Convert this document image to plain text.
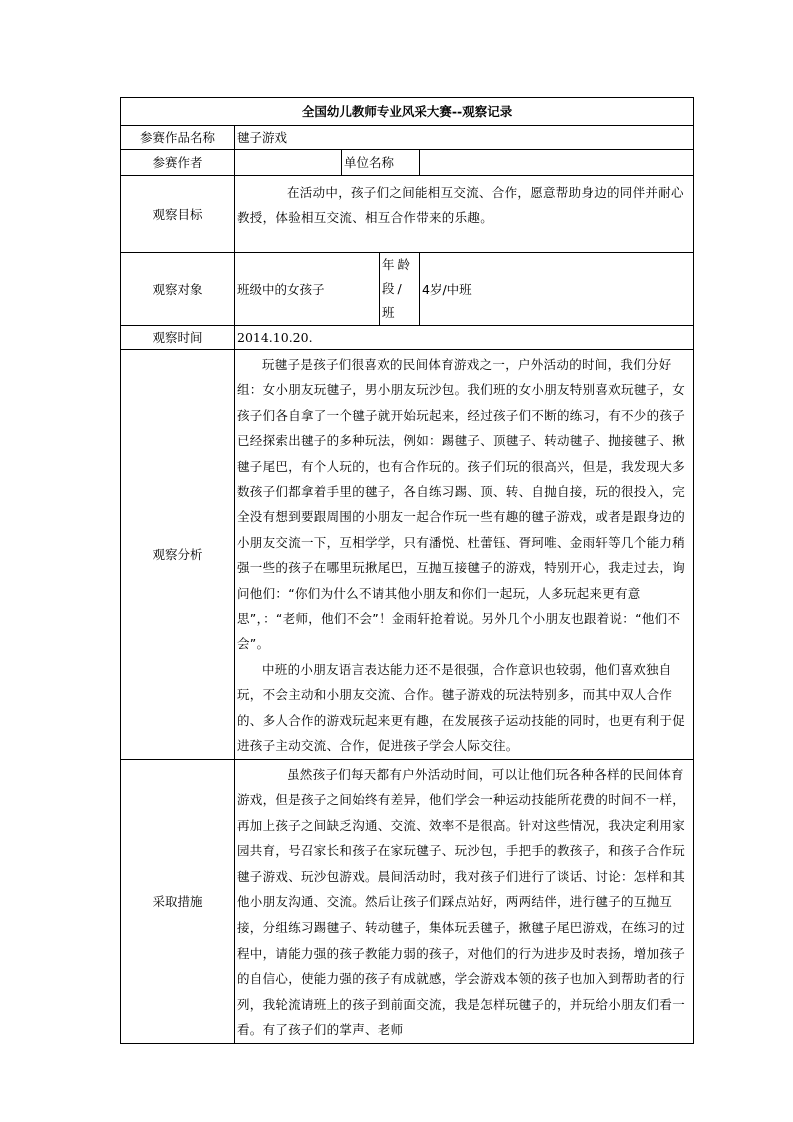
全国幼儿教师专业风采大赛--观察记录				
参赛作品名称	毽子游戏			
参赛作者		单位名称		
观察目标	在活动中，孩子们之间能相互交流、合作，愿意帮助身边的同伴并耐心教授，体验相互交流、相互合作带来的乐趣。			

观察对象	班级中的女孩子		年龄段/班	4岁/中班
观察时间	2014.10.20.			
观察分析	玩毽子是孩子们很喜欢的民间体育游戏之一，户外活动的时间，我们分好组：女小朋友玩毽子，男小朋友玩沙包。我们班的女小朋友特别喜欢玩毽子，女孩子们各自拿了一个毽子就开始玩起来，经过孩子们不断的练习，有不少的孩子已经探索出毽子的多种玩法，例如：踢毽子、顶毽子、转动毽子、抛接毽子、揪毽子尾巴，有个人玩的，也有合作玩的。孩子们玩的很高兴，但是，我发现大多数孩子们都拿着手里的毽子，各自练习踢、顶、转、自抛自接，玩的很投入，完全没有想到要跟周围的小朋友一起合作玩一些有趣的毽子游戏，或者是跟身边的小朋友交流一下，互相学学，只有潘悦、杜蕾钰、胥珂唯、金雨轩等几个能力稍强一些的孩子在哪里玩揪尾巴，互抛互接毽子的游戏，特别开心，我走过去，询问他们：“你们为什么不请其他小朋友和你们一起玩，人多玩起来更有意思”，：“老师，他们不会”！金雨轩抢着说。另外几个小朋友也跟着说：“他们不会”。

中班的小朋友语言表达能力还不是很强，合作意识也较弱，他们喜欢独自玩，不会主动和小朋友交流、合作。毽子游戏的玩法特别多，而其中双人合作的、多人合作的游戏玩起来更有趣，在发展孩子运动技能的同时，也更有利于促进孩子主动交流、合作，促进孩子学会人际交往。			

采取措施	虽然孩子们每天都有户外活动时间，可以让他们玩各种各样的民间体育游戏，但是孩子之间始终有差异，他们学会一种运动技能所花费的时间不一样，再加上孩子之间缺乏沟通、交流、效率不是很高。针对这些情况，我决定利用家园共育，号召家长和孩子在家玩毽子、玩沙包，手把手的教孩子，和孩子合作玩毽子游戏、玩沙包游戏。晨间活动时，我对孩子们进行了谈话、讨论：怎样和其他小朋友沟通、交流。然后让孩子们踩点站好，两两结伴，进行毽子的互抛互接，分组练习踢毽子、转动毽子，集体玩丢毽子，揪毽子尾巴游戏，在练习的过程中，请能力强的孩子教能力弱的孩子，对他们的行为进步及时表扬，增加孩子的自信心，使能力强的孩子有成就感，学会游戏本领的孩子也加入到帮助者的行列，我轮流请班上的孩子到前面交流，我是怎样玩毽子的，并玩给小朋友们看一看。有了孩子们的掌声、老师			
